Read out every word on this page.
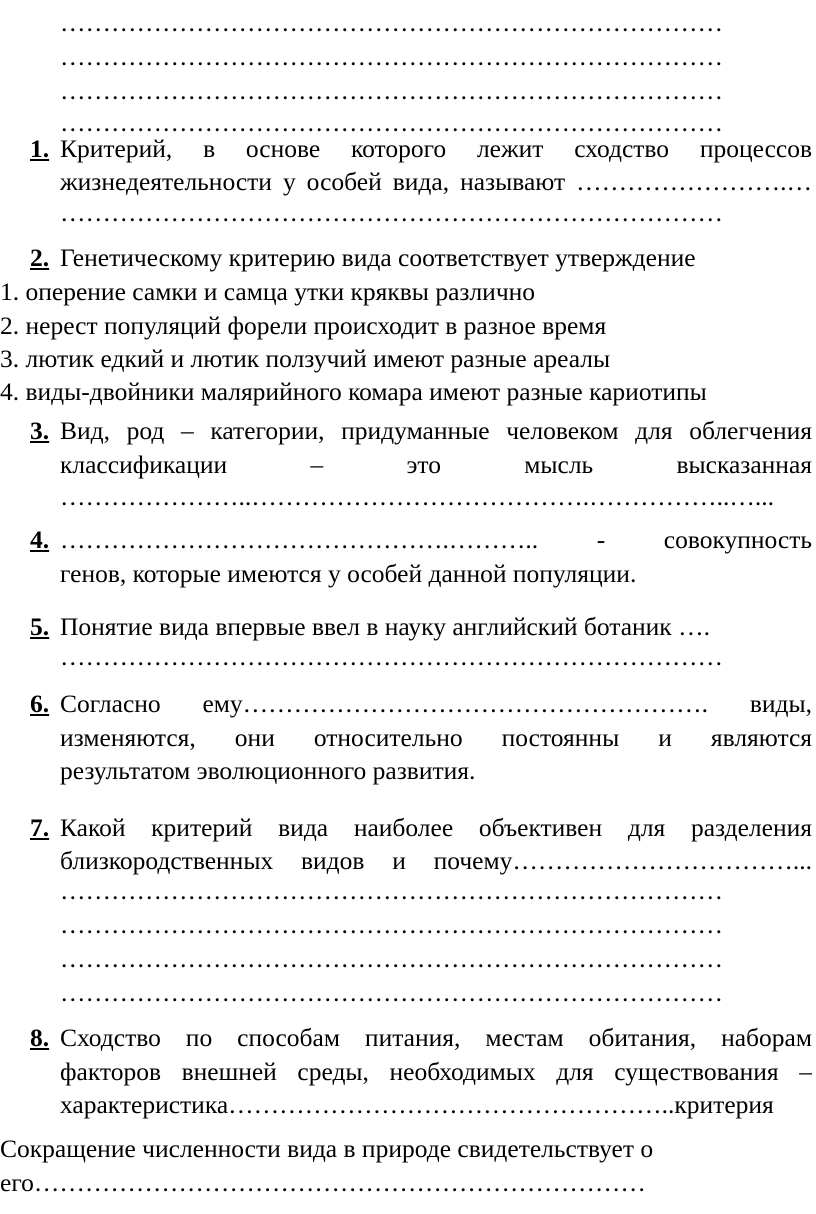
……………………………………………………………………
……………………………………………………………………
……………………………………………………………………
……………………………………………………………………
1. Критерий, в основе которого лежит сходство процессов
жизнедеятельности у особей вида, называют …………………….…
……………………………………………………………………
2. Генетическому критерию вида соответствует утверждение
1. оперение самки и самца утки кряквы различно
2. нерест популяций форели происходит в разное время
3. лютик едкий и лютик ползучий имеют разные ареалы
4. виды-двойники малярийного комара имеют разные кариотипы
3. Вид, род – категории, придуманные человеком для облегчения
классификации – это мысль высказанная
…………………..………………………………….……………..…...
4. ……………………………………….……….. - совокупность
генов, которые имеются у особей данной популяции.
5. Понятие вида впервые ввел в науку английский ботаник ….
……………………………………………………………………
6. Согласно ему………………………………………………. виды,
изменяются, они относительно постоянны и являются
результатом эволюционного развития.
7. Какой критерий вида наиболее объективен для разделения
близкородственных видов и почему……………………………...
……………………………………………………………………
……………………………………………………………………
……………………………………………………………………
……………………………………………………………………
8. Сходство по способам питания, местам обитания, наборам
факторов внешней среды, необходимых для существования –
характеристика……………………………………………..критерия
Сокращение численности вида в природе свидетельствует о
его………………………………………………………………
